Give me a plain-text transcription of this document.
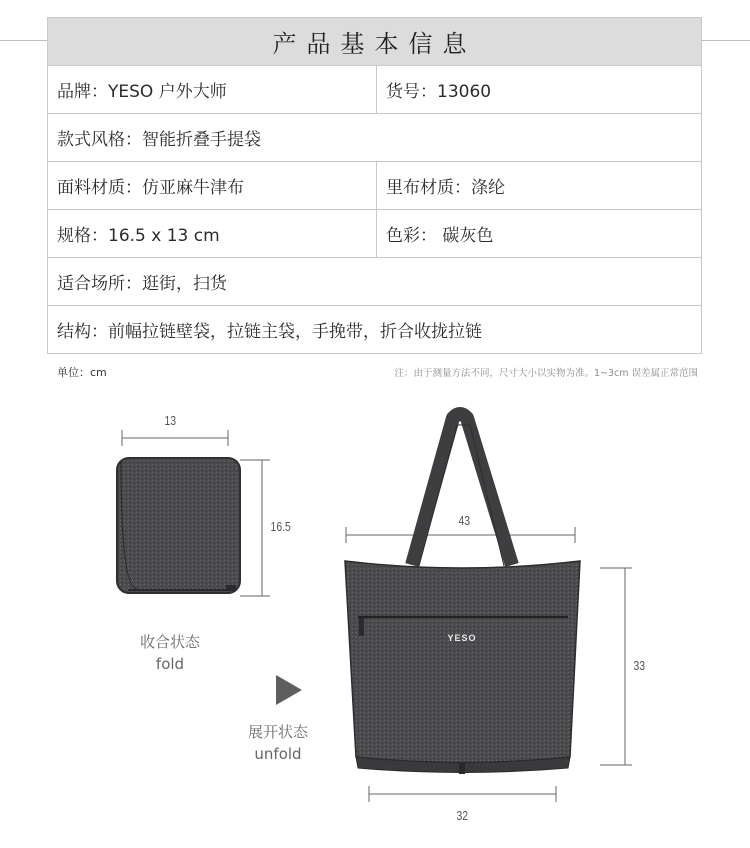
产品基本信息	
品牌：YESO 户外大师	货号：13060
款式风格：智能折叠手提袋	
面料材质：仿亚麻牛津布	里布材质：涤纶
规格：16.5 x 13 cm	色彩： 碳灰色
适合场所：逛街，扫货	
结构：前幅拉链壁袋，拉链主袋，手挽带，折合收拢拉链	
单位：cm	注：由于测量方法不同，尺寸大小以实物为准。1~3cm 误差属正常范围
YESO
13
16.5	43
33
32
收合状态
fold
展开状态
unfold
